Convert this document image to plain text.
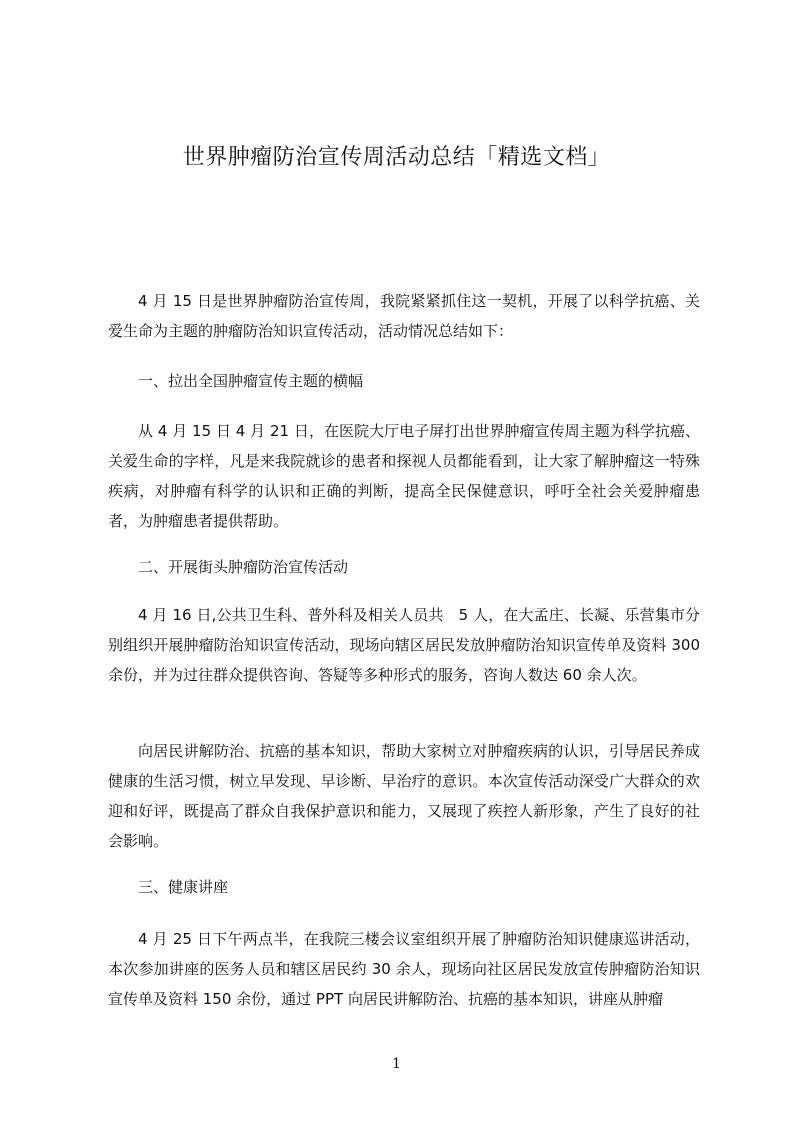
世界肿瘤防治宣传周活动总结「精选文档」

4 月 15 日是世界肿瘤防治宣传周，我院紧紧抓住这一契机，开展了以科学抗癌、关爱生命为主题的肿瘤防治知识宣传活动，活动情况总结如下：

一、拉出全国肿瘤宣传主题的横幅

从 4 月 15 日 4 月 21 日，在医院大厅电子屏打出世界肿瘤宣传周主题为科学抗癌、关爱生命的字样，凡是来我院就诊的患者和探视人员都能看到，让大家了解肿瘤这一特殊疾病，对肿瘤有科学的认识和正确的判断，提高全民保健意识，呼吁全社会关爱肿瘤患者，为肿瘤患者提供帮助。

二、开展街头肿瘤防治宣传活动

4 月 16 日,公共卫生科、普外科及相关人员共　5 人，在大孟庄、长凝、乐营集市分别组织开展肿瘤防治知识宣传活动，现场向辖区居民发放肿瘤防治知识宣传单及资料 300 余份，并为过往群众提供咨询、答疑等多种形式的服务，咨询人数达 60 余人次。

向居民讲解防治、抗癌的基本知识，帮助大家树立对肿瘤疾病的认识，引导居民养成健康的生活习惯，树立早发现、早诊断、早治疗的意识。本次宣传活动深受广大群众的欢迎和好评，既提高了群众自我保护意识和能力，又展现了疾控人新形象，产生了良好的社会影响。

三、健康讲座

4 月 25 日下午两点半，在我院三楼会议室组织开展了肿瘤防治知识健康巡讲活动，本次参加讲座的医务人员和辖区居民约 30 余人，现场向社区居民发放宣传肿瘤防治知识宣传单及资料 150 余份，通过 PPT 向居民讲解防治、抗癌的基本知识，讲座从肿瘤

1
